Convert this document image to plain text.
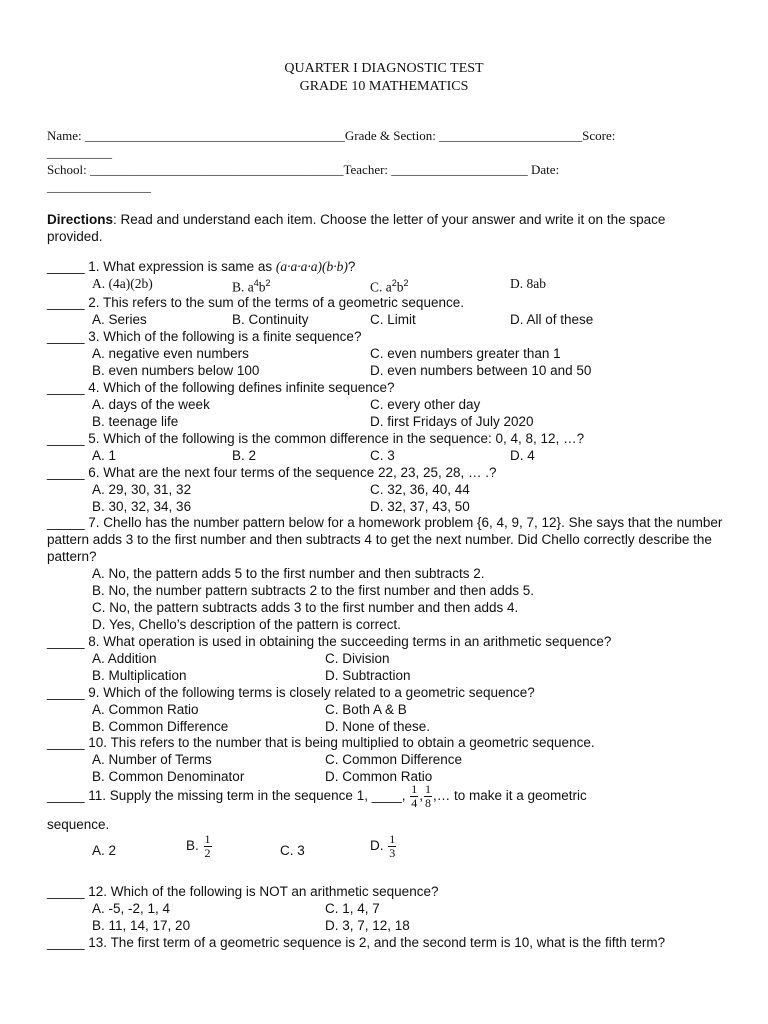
QUARTER I DIAGNOSTIC TEST
GRADE 10 MATHEMATICS
Name: ________________________________________Grade & Section: ______________________Score:
__________
School: _______________________________________Teacher: _____________________ Date:
________________
Directions: Read and understand each item. Choose the letter of your answer and write it on the space provided.
_____ 1. What expression is same as (a·a·a·a)(b·b)?
A. (4a)(2b)	B. $a^4b^2$	C. $a^2b^2$	D. 8ab
_____ 2. This refers to the sum of the terms of a geometric sequence.
A. Series	B. Continuity	C. Limit	D. All of these
_____ 3. Which of the following is a finite sequence?
A. negative even numbers	C. even numbers greater than 1
B. even numbers below 100	D. even numbers between 10 and 50
_____ 4. Which of the following defines infinite sequence?
A. days of the week	C. every other day
B. teenage life	D. first Fridays of July 2020
_____ 5. Which of the following is the common difference in the sequence: 0, 4, 8, 12, …?
A. 1	B. 2	C. 3	D. 4
_____ 6. What are the next four terms of the sequence 22, 23, 25, 28, … .?
A. 29, 30, 31, 32	C. 32, 36, 40, 44
B. 30, 32, 34, 36	D. 32, 37, 43, 50
_____ 7. Chello has the number pattern below for a homework problem {6, 4, 9, 7, 12}. She says that the number pattern adds 3 to the first number and then subtracts 4 to get the next number. Did Chello correctly describe the pattern?
A. No, the pattern adds 5 to the first number and then subtracts 2.
B. No, the number pattern subtracts 2 to the first number and then adds 5.
C. No, the pattern subtracts adds 3 to the first number and then adds 4.
D. Yes, Chello’s description of the pattern is correct.
_____ 8. What operation is used in obtaining the succeeding terms in an arithmetic sequence?
A. Addition	C. Division
B. Multiplication	D. Subtraction
_____ 9. Which of the following terms is closely related to a geometric sequence?
A. Common Ratio	C. Both A & B
B. Common Difference	D. None of these.
_____ 10. This refers to the number that is being multiplied to obtain a geometric sequence.
A. Number of Terms	C. Common Difference
B. Common Denominator	D. Common Ratio
_____ 11. Supply the missing term in the sequence 1, ____, $\frac{1}{4}$ , $\frac{1}{8}$ ,… to make it a geometric
sequence.
A. 2	B. $\frac{1}{2}$	C. 3	D. $\frac{1}{3}$
_____ 12. Which of the following is NOT an arithmetic sequence?
A. -5, -2, 1, 4	C. 1, 4, 7
B. 11, 14, 17, 20	D. 3, 7, 12, 18
_____ 13. The first term of a geometric sequence is 2, and the second term is 10, what is the fifth term?
